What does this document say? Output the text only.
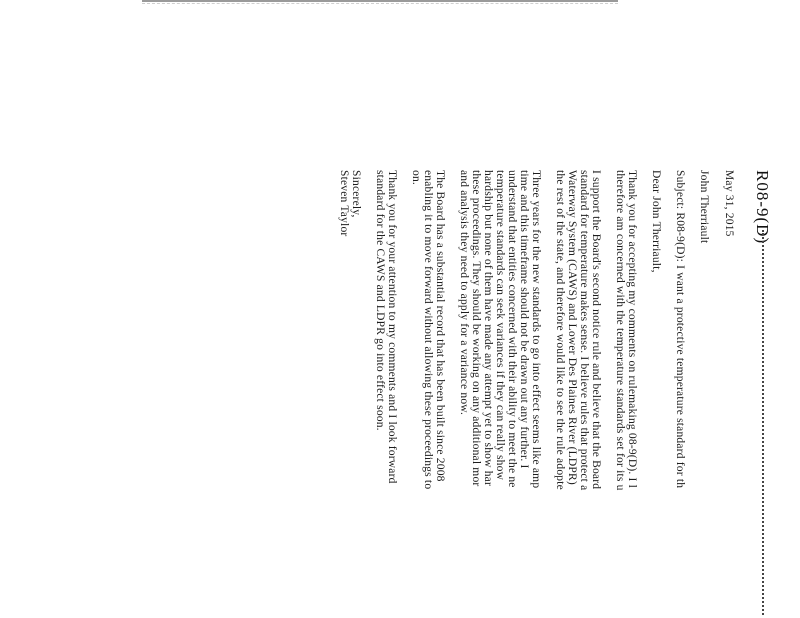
R08-9(D)
May 31, 2015
John Therriault
Subject: R08-9(D): I want a protective temperature standard for th
Dear John Therriault,
Thank you for accepting my comments on rulemaking 08-9(D). I l
therefore am concerned with the temperature standards set for its u
I support the Board's second notice rule and believe that the Board
standard for temperature makes sense. I believe rules that protect a
Waterway System (CAWS) and Lower Des Plaines River (LDPR)
the rest of the state, and therefore would like to see the rule adopte
Three years for the new standards to go into effect seems like amp
time and this timeframe should not be drawn out any further. I
understand that entities concerned with their ability to meet the ne
temperature standards can seek variances if they can really show
hardship but none of them have made any attempt yet to show har
these proceedings. They should be working on any additional mor
and analysis they need to apply for a variance now.
The Board has a substantial record that has been built since 2008
enabling it to move forward without allowing these proceedings to
on.
Thank you for your attention to my comments and I look forward
standard for the CAWS and LDPR go into effect soon.
Sincerely,
Steven Taylor
